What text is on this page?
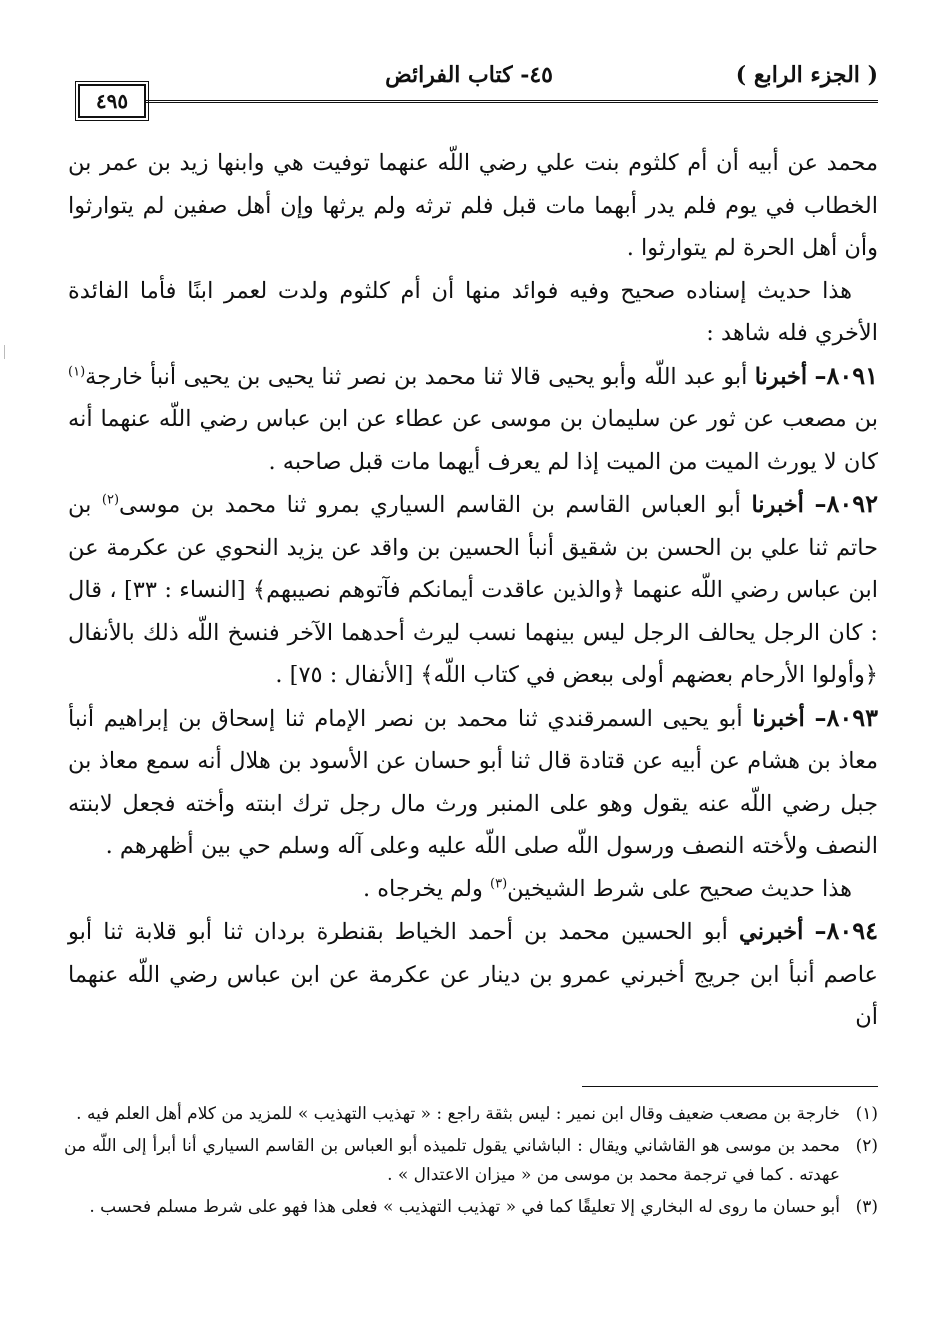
( الجزء الرابع )
٤٥- كتاب الفرائض
٤٩٥

محمد عن أبيه أن أم كلثوم بنت علي رضي اللّه عنهما توفيت هي وابنها زيد بن عمر بن الخطاب في يوم فلم يدر أبهما مات قبل فلم ترثه ولم يرثها وإن أهل صفين لم يتوارثوا وأن أهل الحرة لم يتوارثوا .

هذا حديث إسناده صحيح وفيه فوائد منها أن أم كلثوم ولدت لعمر ابنًا فأما الفائدة الأخري فله شاهد :

٨٠٩١– أخبرنا أبو عبد اللّه وأبو يحيى قالا ثنا محمد بن نصر ثنا يحيى بن يحيى أنبأ خارجة$^{(١)}$ بن مصعب عن ثور عن سليمان بن موسى عن عطاء عن ابن عباس رضي اللّه عنهما أنه كان لا يورث الميت من الميت إذا لم يعرف أيهما مات قبل صاحبه .

٨٠٩٢– أخبرنا أبو العباس القاسم بن القاسم السياري بمرو ثنا محمد بن موسى$^{(٢)}$ بن حاتم ثنا علي بن الحسن بن شقيق أنبأ الحسين بن واقد عن يزيد النحوي عن عكرمة عن ابن عباس رضي اللّه عنهما ﴿والذين عاقدت أيمانكم فآتوهم نصيبهم﴾ [النساء : ٣٣] ، قال : كان الرجل يحالف الرجل ليس بينهما نسب ليرث أحدهما الآخر فنسخ اللّه ذلك بالأنفال ﴿وأولوا الأرحام بعضهم أولى ببعض في كتاب اللّه﴾ [الأنفال : ٧٥] .

٨٠٩٣– أخبرنا أبو يحيى السمرقندي ثنا محمد بن نصر الإمام ثنا إسحاق بن إبراهيم أنبأ معاذ بن هشام عن أبيه عن قتادة قال ثنا أبو حسان عن الأسود بن هلال أنه سمع معاذ بن جبل رضي اللّه عنه يقول وهو على المنبر ورث مال رجل ترك ابنته وأخته فجعل لابنته النصف ولأخته النصف ورسول اللّه صلى اللّه عليه وعلى آله وسلم حي بين أظهرهم .

هذا حديث صحيح على شرط الشيخين$^{(٣)}$ ولم يخرجاه .

٨٠٩٤– أخبرني أبو الحسين محمد بن أحمد الخياط بقنطرة بردان ثنا أبو قلابة ثنا أبو عاصم أنبأ ابن جريج أخبرني عمرو بن دينار عن عكرمة عن ابن عباس رضي اللّه عنهما أن

(١)
خارجة بن مصعب ضعيف وقال ابن نمير : ليس بثقة راجع : « تهذيب التهذيب » للمزيد من كلام أهل العلم فيه .
(٢)
محمد بن موسى هو القاشاني ويقال : الباشاني يقول تلميذه أبو العباس بن القاسم السياري أنا أبرأ إلى اللّه من عهدته . كما في ترجمة محمد بن موسى من « ميزان الاعتدال » .
(٣)
أبو حسان ما روى له البخاري إلا تعليقًا كما في « تهذيب التهذيب » فعلى هذا فهو على شرط مسلم فحسب .
